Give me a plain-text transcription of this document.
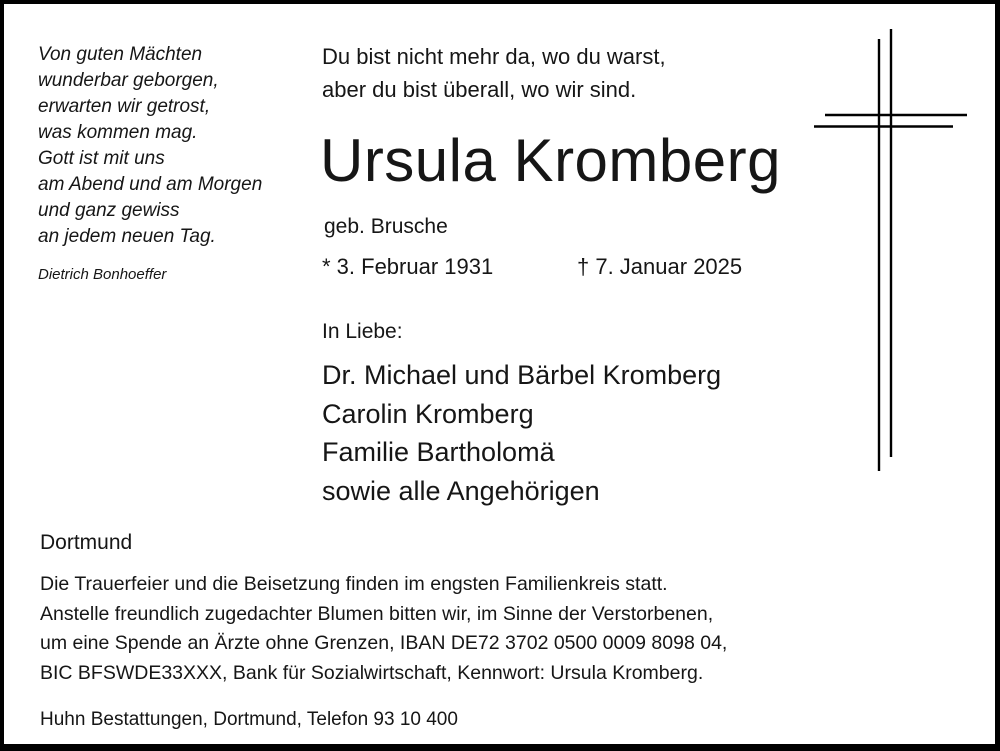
Von guten Mächten
wunderbar geborgen,
erwarten wir getrost,
was kommen mag.
Gott ist mit uns
am Abend und am Morgen
und ganz gewiss
an jedem neuen Tag.
Dietrich Bonhoeffer
Du bist nicht mehr da, wo du warst,
aber du bist überall, wo wir sind.
Ursula Kromberg
geb. Brusche
* 3. Februar 1931	† 7. Januar 2025
In Liebe:
Dr. Michael und Bärbel Kromberg
Carolin Kromberg
Familie Bartholomä
sowie alle Angehörigen
Dortmund
Die Trauerfeier und die Beisetzung finden im engsten Familienkreis statt.
Anstelle freundlich zugedachter Blumen bitten wir, im Sinne der Verstorbenen,
um eine Spende an Ärzte ohne Grenzen, IBAN DE72 3702 0500 0009 8098 04,
BIC BFSWDE33XXX, Bank für Sozialwirtschaft, Kennwort: Ursula Kromberg.
Huhn Bestattungen, Dortmund, Telefon 93 10 400
